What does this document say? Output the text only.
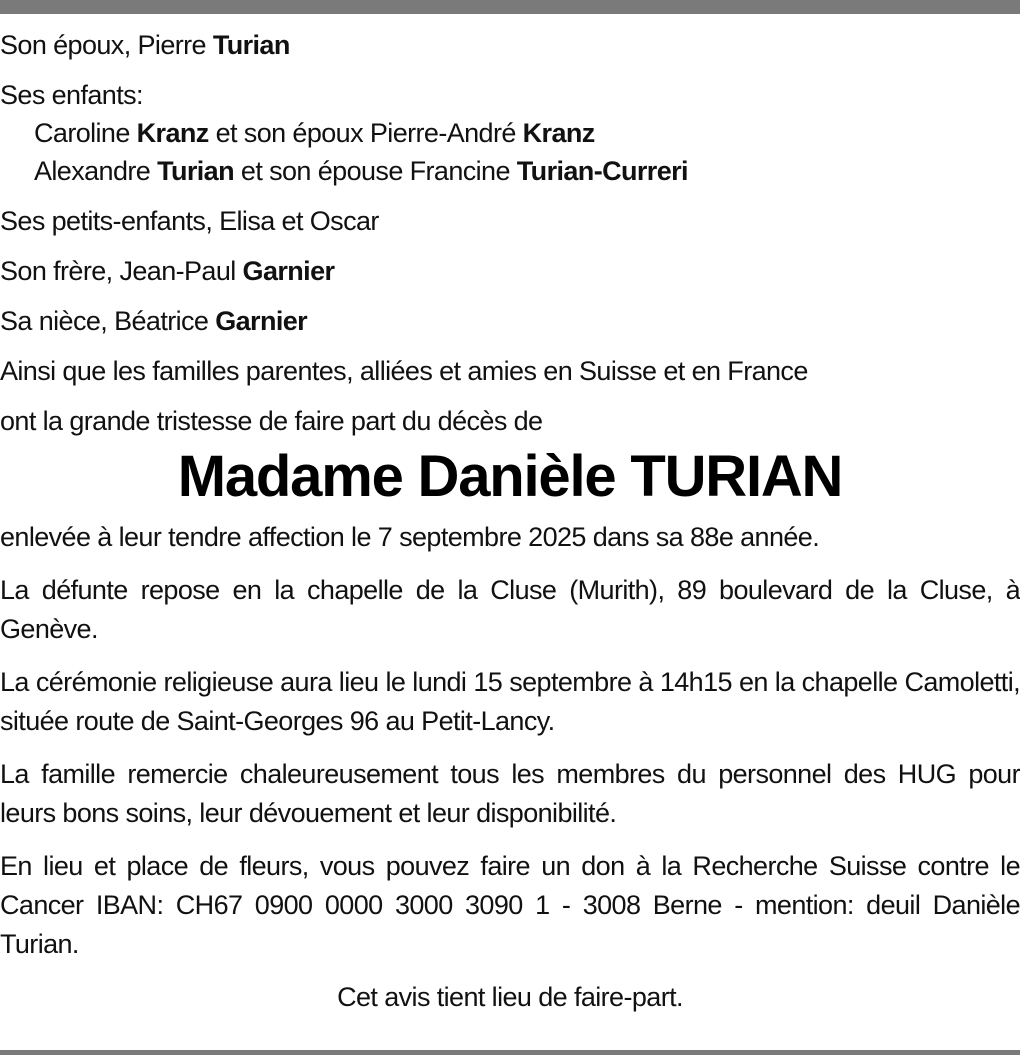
Son époux, Pierre Turian
Ses enfants:
Caroline Kranz et son époux Pierre-André Kranz
Alexandre Turian et son épouse Francine Turian-Curreri
Ses petits-enfants, Elisa et Oscar
Son frère, Jean-Paul Garnier
Sa nièce, Béatrice Garnier
Ainsi que les familles parentes, alliées et amies en Suisse et en France
ont la grande tristesse de faire part du décès de
Madame Danièle TURIAN

enlevée à leur tendre affection le 7 septembre 2025 dans sa 88e année.

La défunte repose en la chapelle de la Cluse (Murith), 89 boulevard de la Cluse, à Genève.

La cérémonie religieuse aura lieu le lundi 15 septembre à 14h15 en la chapelle Camoletti, située route de Saint-Georges 96 au Petit-Lancy.

La famille remercie chaleureusement tous les membres du personnel des HUG pour leurs bons soins, leur dévouement et leur disponibilité.

En lieu et place de fleurs, vous pouvez faire un don à la Recherche Suisse contre le Cancer IBAN: CH67 0900 0000 3000 3090 1 - 3008 Berne - mention: deuil Danièle Turian.

Cet avis tient lieu de faire-part.
